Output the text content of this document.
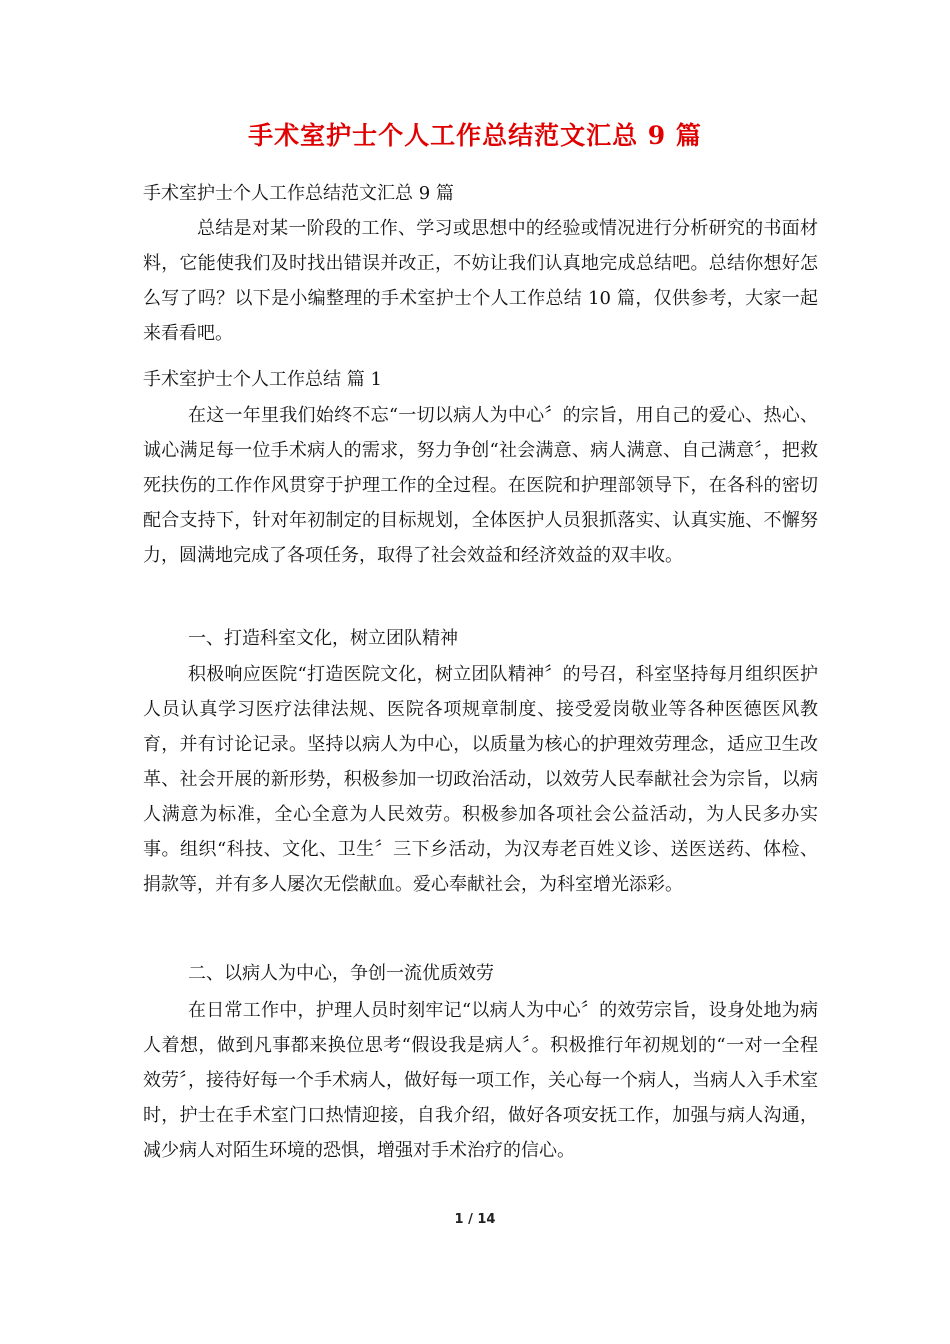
手术室护士个人工作总结范文汇总 9 篇

手术室护士个人工作总结范文汇总 9 篇

总结是对某一阶段的工作、学习或思想中的经验或情况进行分析研究的书面材料，它能使我们及时找出错误并改正，不妨让我们认真地完成总结吧。总结你想好怎么写了吗？以下是小编整理的手术室护士个人工作总结 10 篇，仅供参考，大家一起来看看吧。

手术室护士个人工作总结 篇 1

在这一年里我们始终不忘“一切以病人为中心〞的宗旨，用自己的爱心、热心、诚心满足每一位手术病人的需求，努力争创“社会满意、病人满意、自己满意〞，把救死扶伤的工作作风贯穿于护理工作的全过程。在医院和护理部领导下，在各科的密切配合支持下，针对年初制定的目标规划，全体医护人员狠抓落实、认真实施、不懈努力，圆满地完成了各项任务，取得了社会效益和经济效益的双丰收。

一、打造科室文化，树立团队精神

积极响应医院“打造医院文化，树立团队精神〞的号召，科室坚持每月组织医护人员认真学习医疗法律法规、医院各项规章制度、接受爱岗敬业等各种医德医风教育，并有讨论记录。坚持以病人为中心，以质量为核心的护理效劳理念，适应卫生改革、社会开展的新形势，积极参加一切政治活动，以效劳人民奉献社会为宗旨，以病人满意为标准，全心全意为人民效劳。积极参加各项社会公益活动，为人民多办实事。组织“科技、文化、卫生〞三下乡活动，为汉寿老百姓义诊、送医送药、体检、捐款等，并有多人屡次无偿献血。爱心奉献社会，为科室增光添彩。

二、以病人为中心，争创一流优质效劳

在日常工作中，护理人员时刻牢记“以病人为中心〞的效劳宗旨，设身处地为病人着想，做到凡事都来换位思考“假设我是病人〞。积极推行年初规划的“一对一全程效劳〞，接待好每一个手术病人，做好每一项工作，关心每一个病人，当病人入手术室时，护士在手术室门口热情迎接，自我介绍，做好各项安抚工作，加强与病人沟通，减少病人对陌生环境的恐惧，增强对手术治疗的信心。

1 / 14
